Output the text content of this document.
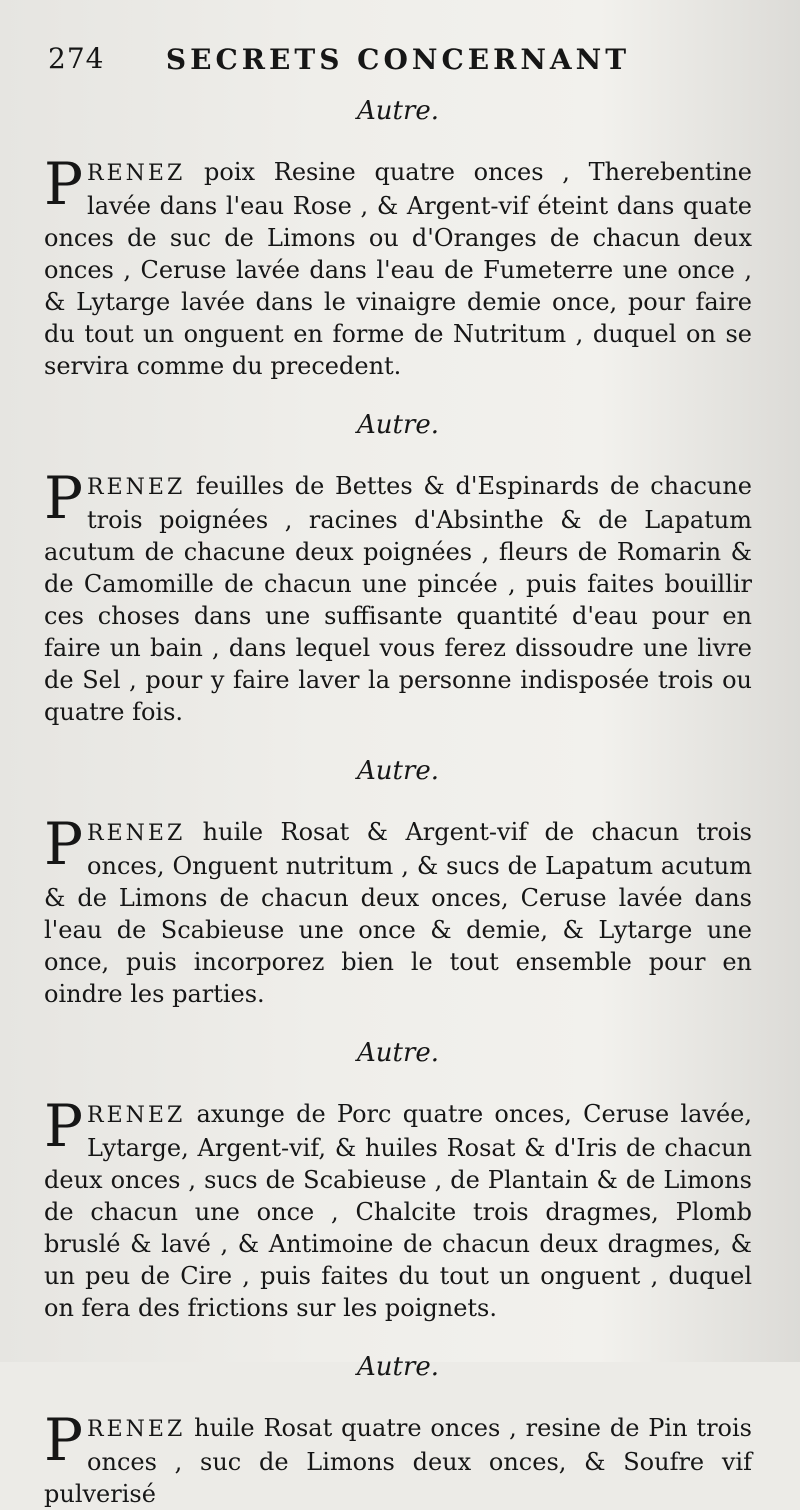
274 SECRETS CONCERNANT
Autre.

PRENEZ poix Resine quatre onces , Therebentine lavée dans l'eau Rose , & Argent-vif éteint dans quate onces de suc de Limons ou d'Oranges de chacun deux onces , Ceruse lavée dans l'eau de Fumeterre une once , & Lytarge lavée dans le vinaigre demie once, pour faire du tout un onguent en forme de Nutritum , duquel on se servira comme du precedent.

Autre.

PRENEZ feuilles de Bettes & d'Espinards de chacune trois poignées , racines d'Absinthe & de Lapatum acutum de chacune deux poignées , fleurs de Romarin & de Camomille de chacun une pincée , puis faites bouillir ces choses dans une suffisante quantité d'eau pour en faire un bain , dans lequel vous ferez dissoudre une livre de Sel , pour y faire laver la personne indisposée trois ou quatre fois.

Autre.

PRENEZ huile Rosat & Argent-vif de chacun trois onces, Onguent nutritum , & sucs de Lapatum acutum & de Limons de chacun deux onces, Ceruse lavée dans l'eau de Scabieuse une once & demie, & Lytarge une once, puis incorporez bien le tout ensemble pour en oindre les parties.

Autre.

PRENEZ axunge de Porc quatre onces, Ceruse lavée, Lytarge, Argent-vif, & huiles Rosat & d'Iris de chacun deux onces , sucs de Scabieuse , de Plantain & de Limons de chacun une once , Chalcite trois dragmes, Plomb bruslé & lavé , & Antimoine de chacun deux dragmes, & un peu de Cire , puis faites du tout un onguent , duquel on fera des frictions sur les poignets.

Autre.

PRENEZ huile Rosat quatre onces , resine de Pin trois onces , suc de Limons deux onces, & Soufre vif pulverisé
